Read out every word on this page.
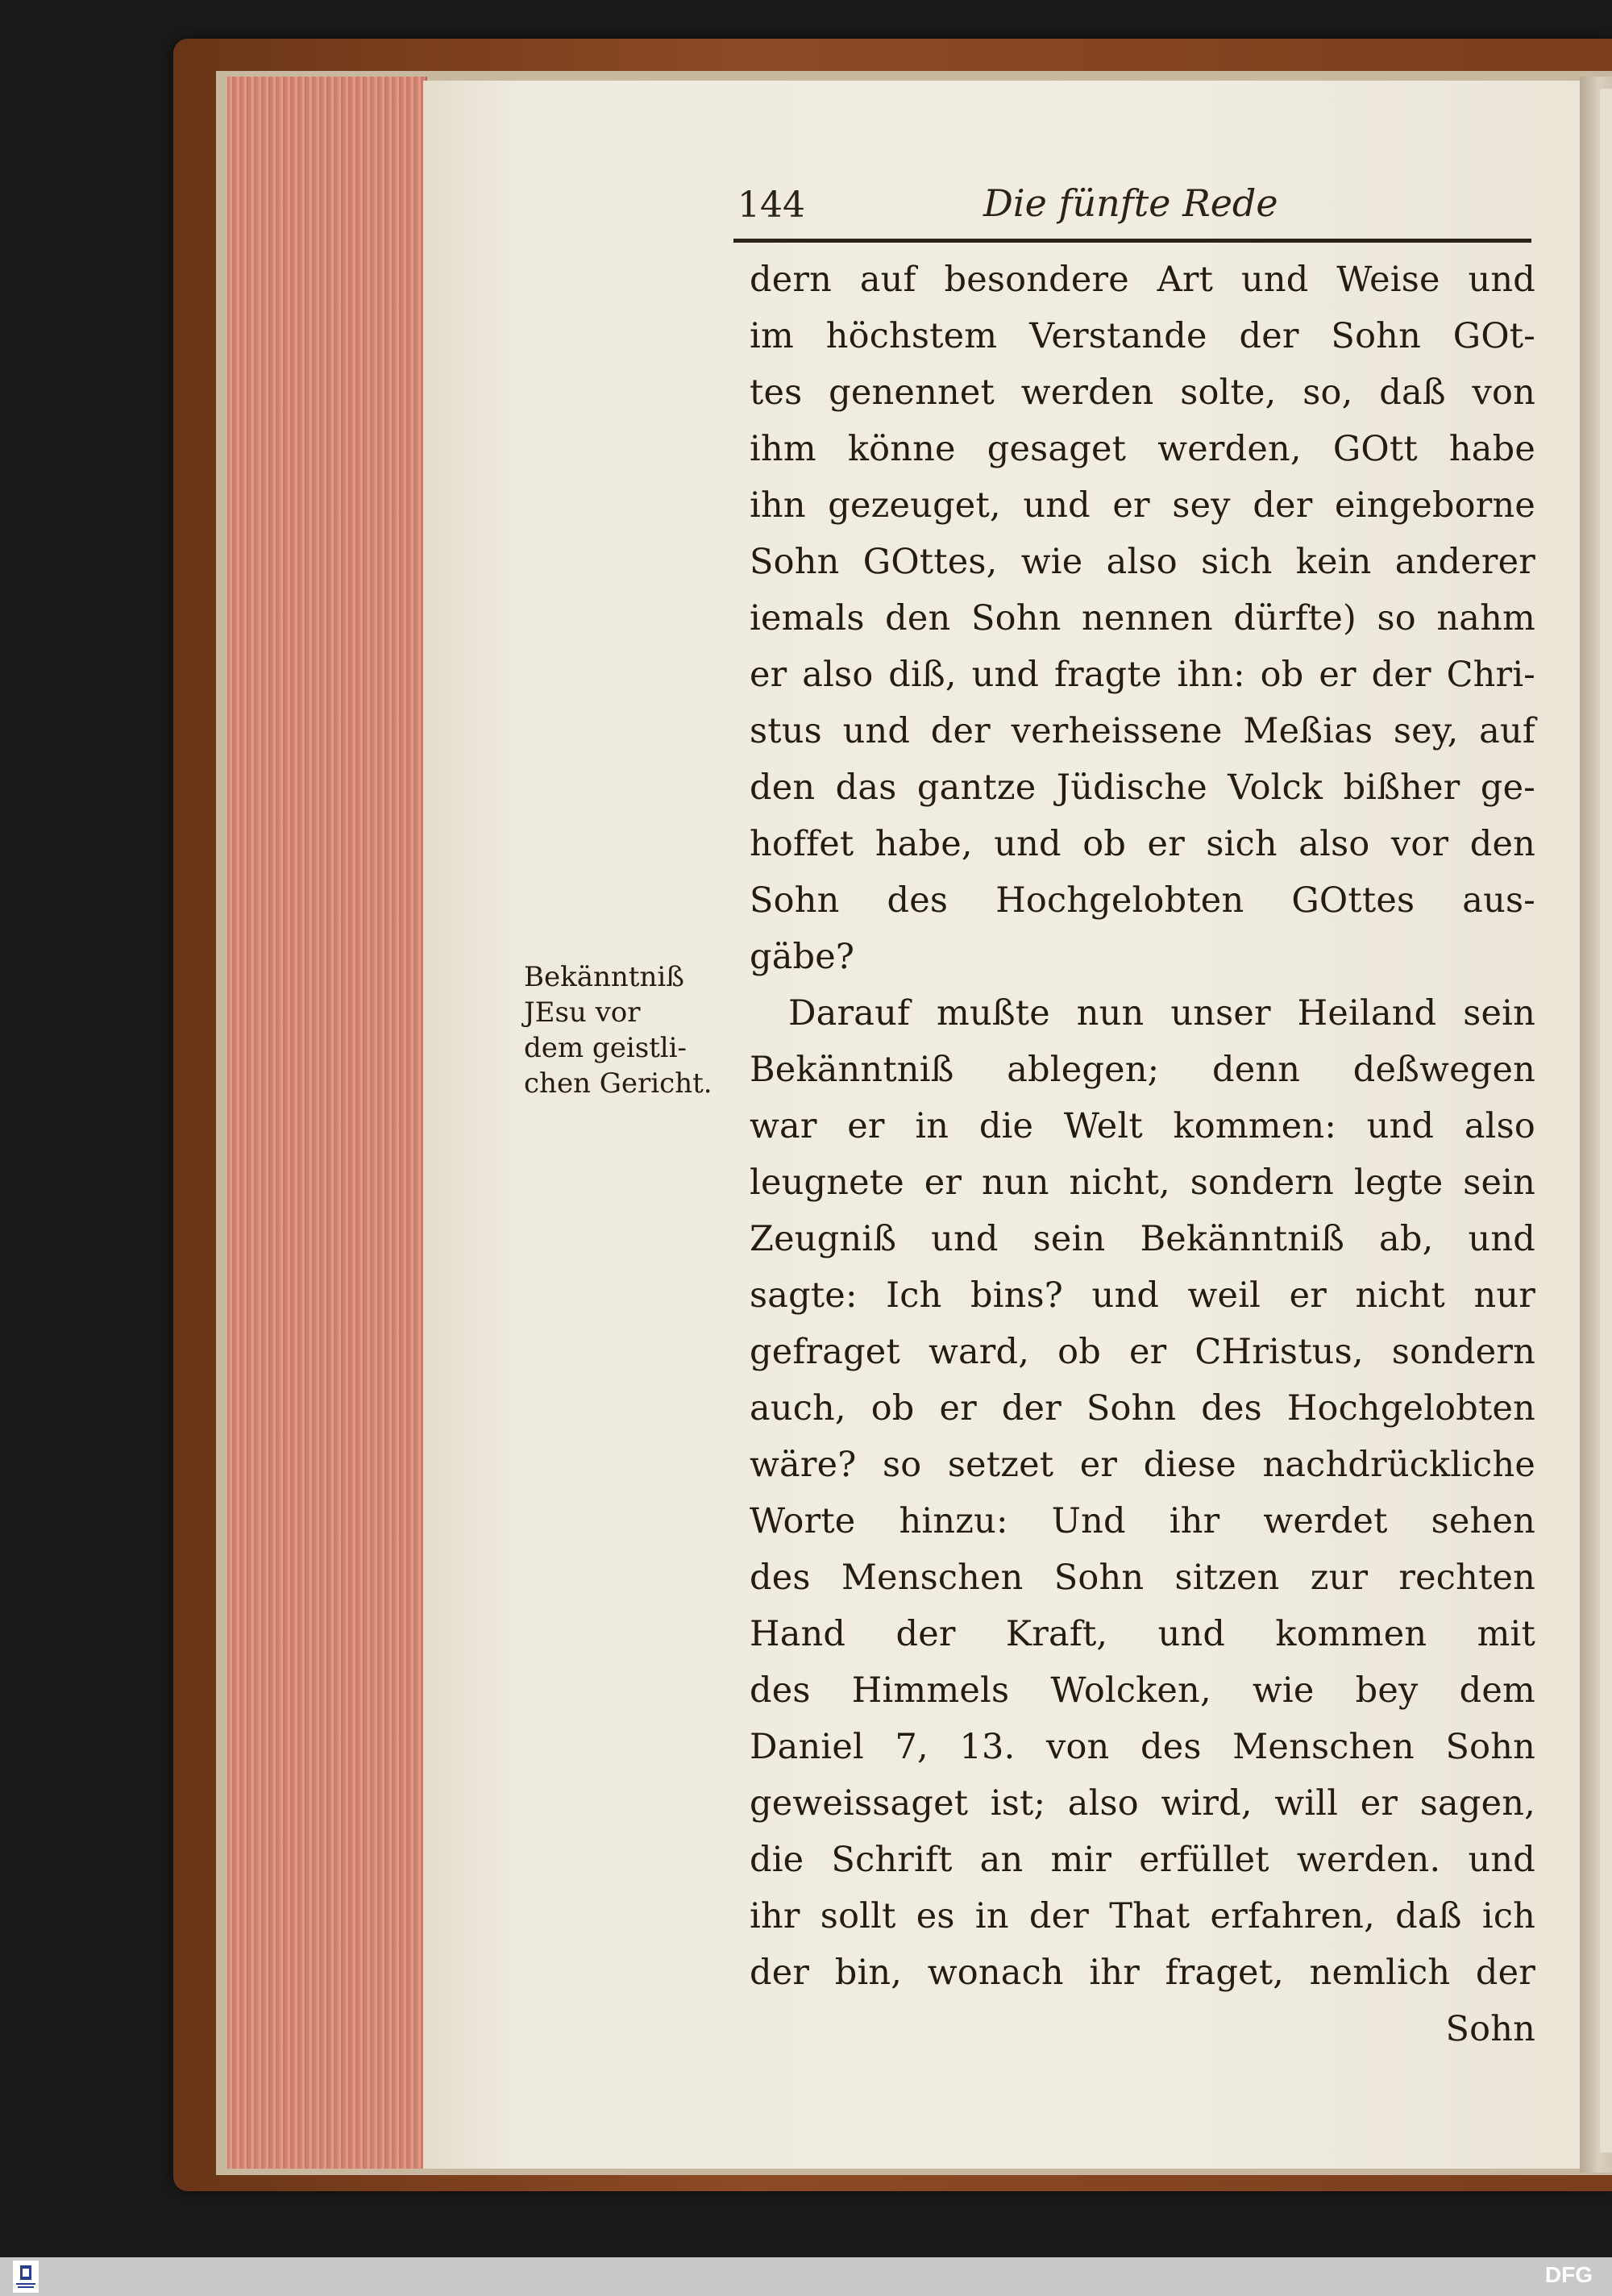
144	Die fünfte Rede
Bekänntniß
JEsu vor
dem geistli-
chen Gericht.
dern auf besondere Art und Weise und
im höchstem Verstande der Sohn GOt-
tes genennet werden solte, so, daß von
ihm könne gesaget werden, GOtt habe
ihn gezeuget, und er sey der eingeborne
Sohn GOttes, wie also sich kein anderer
iemals den Sohn nennen dürfte) so nahm
er also diß, und fragte ihn: ob er der Chri-
stus und der verheissene Meßias sey, auf
den das gantze Jüdische Volck bißher ge-
hoffet habe, und ob er sich also vor den
Sohn des Hochgelobten GOttes aus-
gäbe?
Darauf mußte nun unser Heiland sein
Bekänntniß ablegen; denn deßwegen
war er in die Welt kommen: und also
leugnete er nun nicht, sondern legte sein
Zeugniß und sein Bekänntniß ab, und
sagte: Ich bins? und weil er nicht nur
gefraget ward, ob er CHristus, sondern
auch, ob er der Sohn des Hochgelobten
wäre? so setzet er diese nachdrückliche
Worte hinzu: Und ihr werdet sehen
des Menschen Sohn sitzen zur rechten
Hand der Kraft, und kommen mit
des Himmels Wolcken, wie bey dem
Daniel 7, 13. von des Menschen Sohn
geweissaget ist; also wird, will er sagen,
die Schrift an mir erfüllet werden. und
ihr sollt es in der That erfahren, daß ich
der bin, wonach ihr fraget, nemlich der
Sohn
DFG
